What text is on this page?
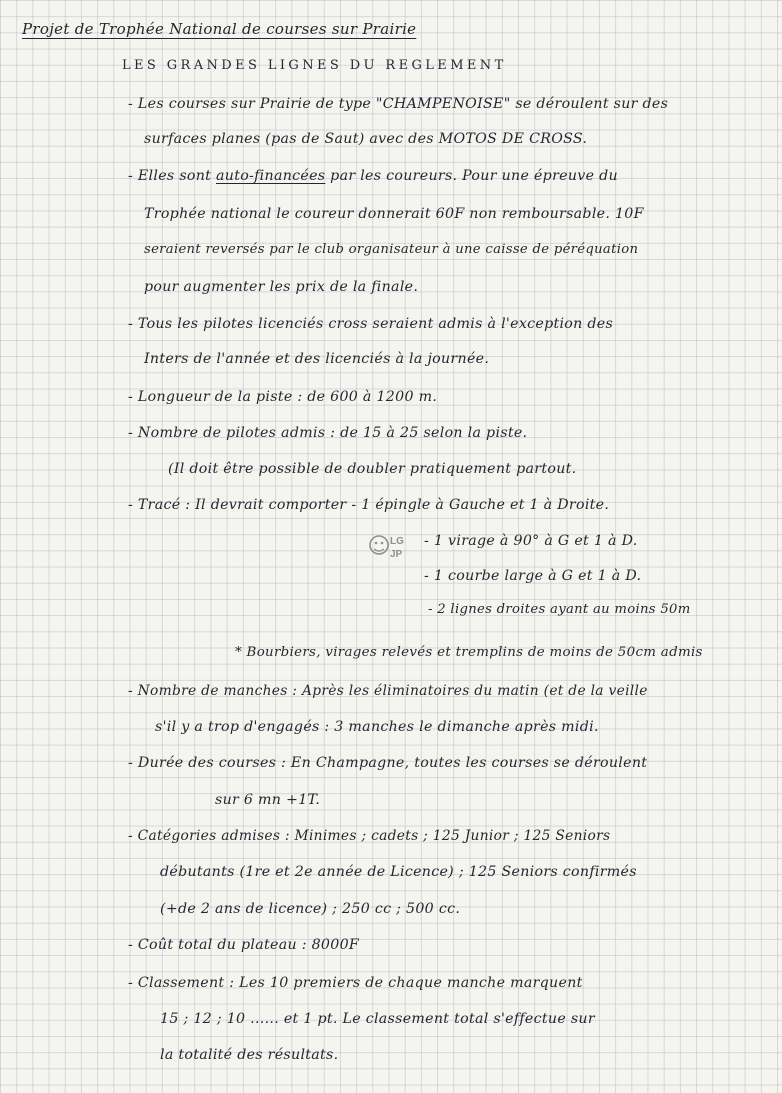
Projet de Trophée National de courses sur Prairie
LES GRANDES LIGNES DU REGLEMENT
- Les courses sur Prairie de type "CHAMPENOISE" se déroulent sur des
surfaces planes (pas de Saut) avec des MOTOS DE CROSS.
- Elles sont auto-financées par les coureurs. Pour une épreuve du
Trophée national le coureur donnerait 60F non remboursable. 10F
seraient reversés par le club organisateur à une caisse de péréquation
pour augmenter les prix de la finale.
- Tous les pilotes licenciés cross seraient admis à l'exception des
Inters de l'année et des licenciés à la journée.
- Longueur de la piste : de 600 à 1200 m.
- Nombre de pilotes admis : de 15 à 25 selon la piste.
(Il doit être possible de doubler pratiquement partout.
- Tracé : Il devrait comporter - 1 épingle à Gauche et 1 à Droite.
- 1 virage à 90° à G et 1 à D.
- 1 courbe large à G et 1 à D.
- 2 lignes droites ayant au moins 50m
* Bourbiers, virages relevés et tremplins de moins de 50cm admis
- Nombre de manches : Après les éliminatoires du matin (et de la veille
s'il y a trop d'engagés : 3 manches le dimanche après midi.
- Durée des courses : En Champagne, toutes les courses se déroulent
sur 6 mn +1T.
- Catégories admises : Minimes ; cadets ; 125 Junior ; 125 Seniors
débutants (1re et 2e année de Licence) ; 125 Seniors confirmés
(+de 2 ans de licence) ; 250 cc ; 500 cc.
- Coût total du plateau : 8000F
- Classement : Les 10 premiers de chaque manche marquent
15 ; 12 ; 10 ...... et 1 pt. Le classement total s'effectue sur
la totalité des résultats.
LG
JP
